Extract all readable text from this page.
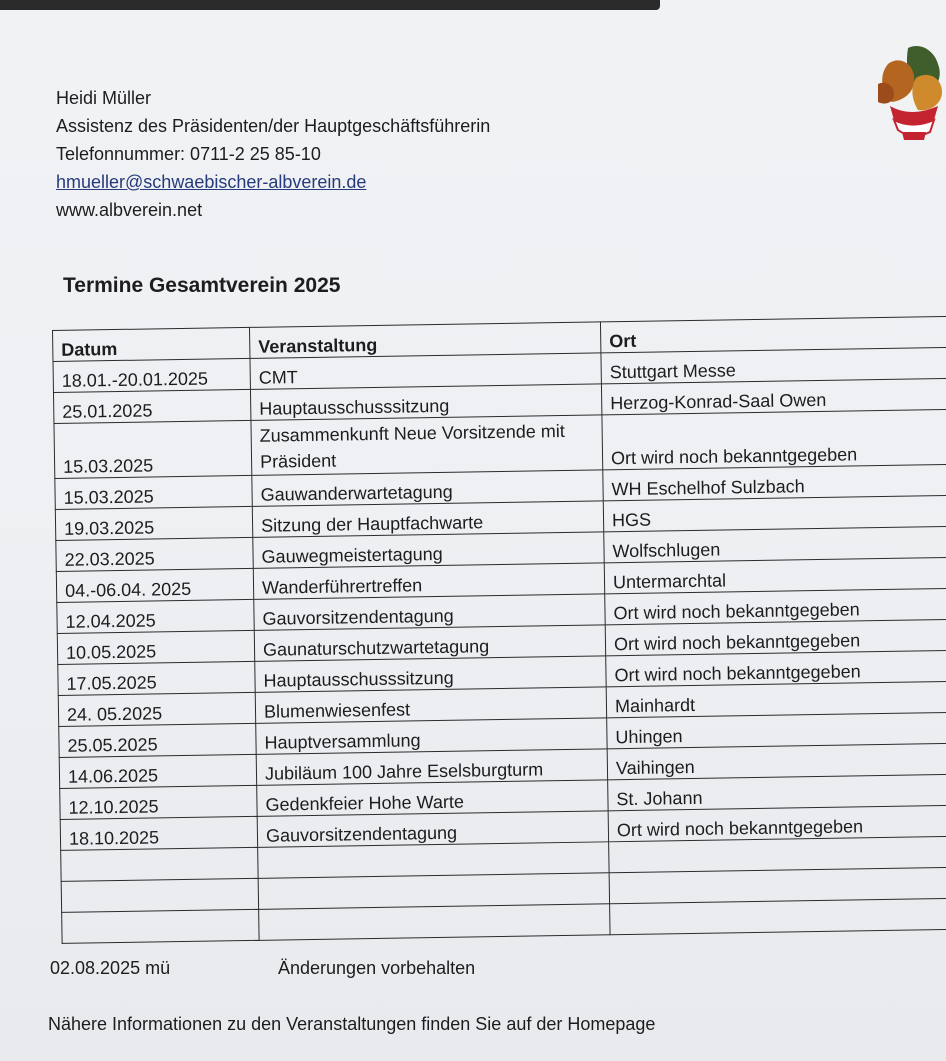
Heidi Müller
Assistenz des Präsidenten/der Hauptgeschäftsführerin
Telefonnummer: 0711-2 25 85-10
hmueller@schwaebischer-albverein.de
www.albverein.net
Termine Gesamtverein 2025
Datum	Veranstaltung	Ort
18.01.-20.01.2025	CMT	Stuttgart Messe
25.01.2025	Hauptausschusssitzung	Herzog-Konrad-Saal Owen
15.03.2025	Zusammenkunft Neue Vorsitzende mit Präsident	Ort wird noch bekanntgegeben
15.03.2025	Gauwanderwartetagung	WH Eschelhof Sulzbach
19.03.2025	Sitzung der Hauptfachwarte	HGS
22.03.2025	Gauwegmeistertagung	Wolfschlugen
04.-06.04. 2025	Wanderführertreffen	Untermarchtal
12.04.2025	Gauvorsitzendentagung	Ort wird noch bekanntgegeben
10.05.2025	Gaunaturschutzwartetagung	Ort wird noch bekanntgegeben
17.05.2025	Hauptausschusssitzung	Ort wird noch bekanntgegeben
24. 05.2025	Blumenwiesenfest	Mainhardt
25.05.2025	Hauptversammlung	Uhingen
14.06.2025	Jubiläum 100 Jahre Eselsburgturm	Vaihingen
12.10.2025	Gedenkfeier Hohe Warte	St. Johann
18.10.2025	Gauvorsitzendentagung	Ort wird noch bekanntgegeben

02.08.2025 mü	Änderungen vorbehalten
Nähere Informationen zu den Veranstaltungen finden Sie auf der Homepage
